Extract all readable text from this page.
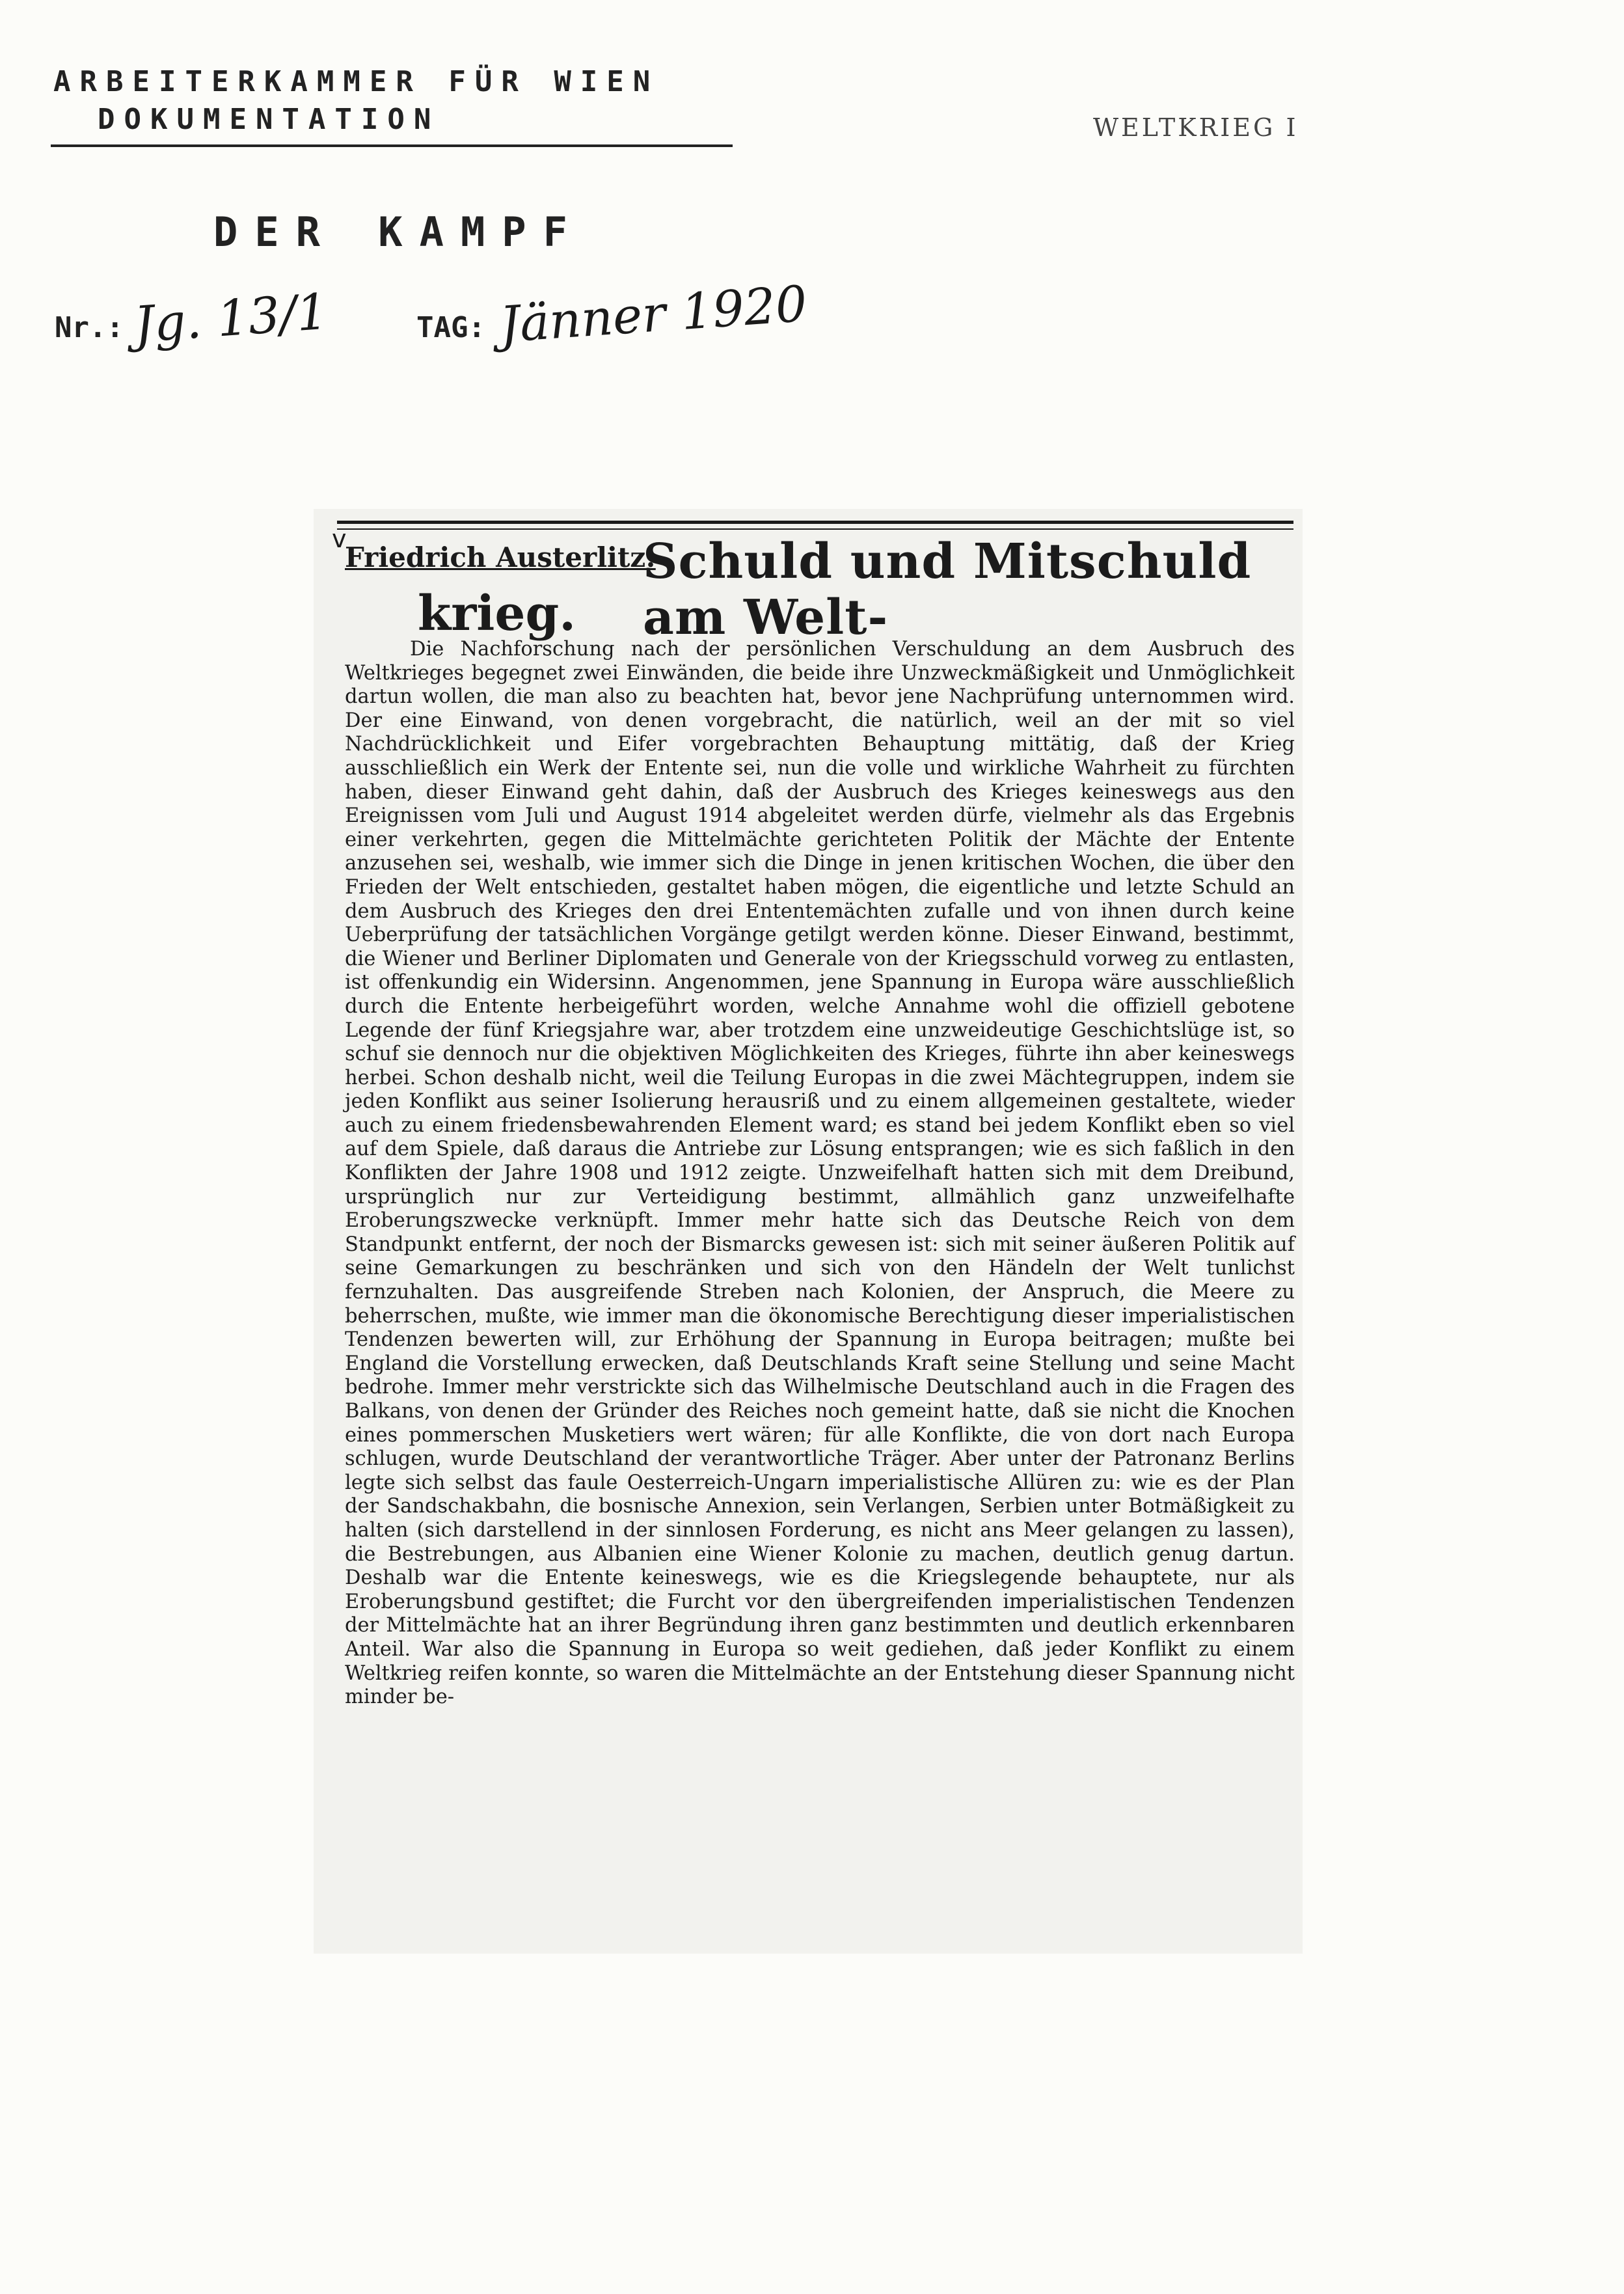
ARBEITERKAMMER FÜR WIEN
DOKUMENTATION	WELTKRIEG I
DER KAMPF
Nr.: Jg. 13/1	TAG: Jänner 1920
v
Friedrich Austerlitz:
Schuld und Mitschuld am Welt-
krieg.
Die Nachforschung nach der persönlichen Verschuldung an dem Ausbruch des Weltkrieges begegnet zwei Einwänden, die beide ihre Unzweckmäßigkeit und Unmöglichkeit dartun wollen, die man also zu beachten hat, bevor jene Nachprüfung unternommen wird. Der eine Einwand, von denen vorgebracht, die natürlich, weil an der mit so viel Nachdrücklichkeit und Eifer vorgebrachten Behauptung mittätig, daß der Krieg ausschließlich ein Werk der Entente sei, nun die volle und wirkliche Wahrheit zu fürchten haben, dieser Einwand geht dahin, daß der Ausbruch des Krieges keineswegs aus den Ereignissen vom Juli und August 1914 abgeleitet werden dürfe, vielmehr als das Ergebnis einer verkehrten, gegen die Mittelmächte gerichteten Politik der Mächte der Entente anzusehen sei, weshalb, wie immer sich die Dinge in jenen kritischen Wochen, die über den Frieden der Welt entschieden, gestaltet haben mögen, die eigentliche und letzte Schuld an dem Ausbruch des Krieges den drei Ententemächten zufalle und von ihnen durch keine Ueberprüfung der tatsächlichen Vorgänge getilgt werden könne. Dieser Einwand, bestimmt, die Wiener und Berliner Diplomaten und Generale von der Kriegsschuld vorweg zu entlasten, ist offenkundig ein Widersinn. Angenommen, jene Spannung in Europa wäre ausschließlich durch die Entente herbeigeführt worden, welche Annahme wohl die offiziell gebotene Legende der fünf Kriegsjahre war, aber trotzdem eine unzweideutige Geschichtslüge ist, so schuf sie dennoch nur die objektiven Möglichkeiten des Krieges, führte ihn aber keineswegs herbei. Schon deshalb nicht, weil die Teilung Europas in die zwei Mächtegruppen, indem sie jeden Konflikt aus seiner Isolierung herausriß und zu einem allgemeinen gestaltete, wieder auch zu einem friedensbewahrenden Element ward; es stand bei jedem Konflikt eben so viel auf dem Spiele, daß daraus die Antriebe zur Lösung entsprangen; wie es sich faßlich in den Konflikten der Jahre 1908 und 1912 zeigte. Unzweifelhaft hatten sich mit dem Dreibund, ursprünglich nur zur Verteidigung bestimmt, allmählich ganz unzweifelhafte Eroberungszwecke verknüpft. Immer mehr hatte sich das Deutsche Reich von dem Standpunkt entfernt, der noch der Bismarcks gewesen ist: sich mit seiner äußeren Politik auf seine Gemarkungen zu beschränken und sich von den Händeln der Welt tunlichst fernzuhalten. Das ausgreifende Streben nach Kolonien, der Anspruch, die Meere zu beherrschen, mußte, wie immer man die ökonomische Berechtigung dieser imperialistischen Tendenzen bewerten will, zur Erhöhung der Spannung in Europa beitragen; mußte bei England die Vorstellung erwecken, daß Deutschlands Kraft seine Stellung und seine Macht bedrohe. Immer mehr verstrickte sich das Wilhelmische Deutschland auch in die Fragen des Balkans, von denen der Gründer des Reiches noch gemeint hatte, daß sie nicht die Knochen eines pommerschen Musketiers wert wären; für alle Konflikte, die von dort nach Europa schlugen, wurde Deutschland der verantwortliche Träger. Aber unter der Patronanz Berlins legte sich selbst das faule Oesterreich-Ungarn imperialistische Allüren zu: wie es der Plan der Sandschakbahn, die bosnische Annexion, sein Verlangen, Serbien unter Botmäßigkeit zu halten (sich darstellend in der sinnlosen Forderung, es nicht ans Meer gelangen zu lassen), die Bestrebungen, aus Albanien eine Wiener Kolonie zu machen, deutlich genug dartun. Deshalb war die Entente keineswegs, wie es die Kriegslegende behauptete, nur als Eroberungsbund gestiftet; die Furcht vor den übergreifenden imperialistischen Tendenzen der Mittelmächte hat an ihrer Begründung ihren ganz bestimmten und deutlich erkennbaren Anteil. War also die Spannung in Europa so weit gediehen, daß jeder Konflikt zu einem Weltkrieg reifen konnte, so waren die Mittelmächte an der Entstehung dieser Spannung nicht minder be-
